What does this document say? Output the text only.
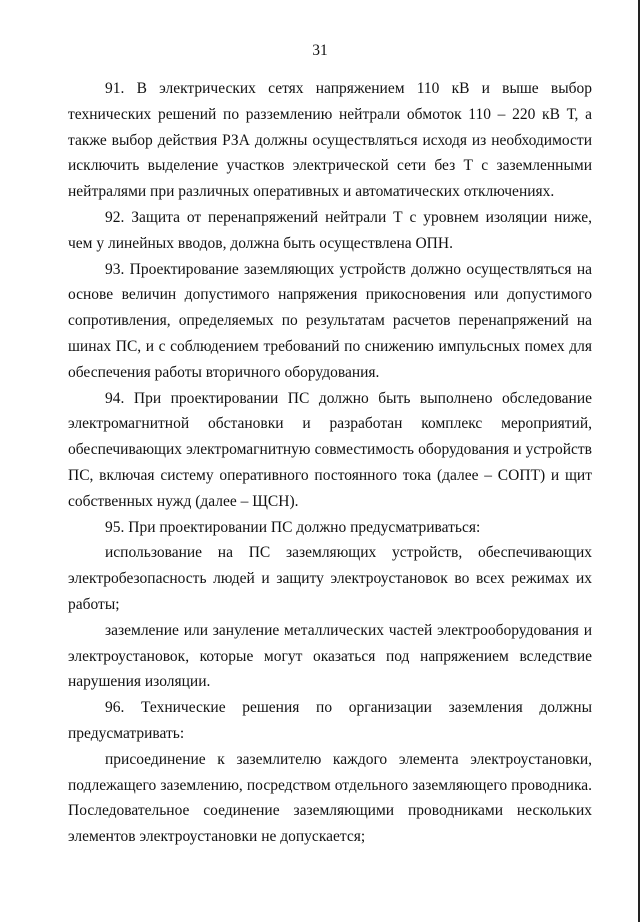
31

91. В электрических сетях напряжением 110 кВ и выше выбор технических решений по разземлению нейтрали обмоток 110 – 220 кВ Т, а также выбор действия РЗА должны осуществляться исходя из необходимости исключить выделение участков электрической сети без Т с заземленными нейтралями при различных оперативных и автоматических отключениях.

92. Защита от перенапряжений нейтрали Т с уровнем изоляции ниже, чем у линейных вводов, должна быть осуществлена ОПН.

93. Проектирование заземляющих устройств должно осуществляться на основе величин допустимого напряжения прикосновения или допустимого сопротивления, определяемых по результатам расчетов перенапряжений на шинах ПС, и с соблюдением требований по снижению импульсных помех для обеспечения работы вторичного оборудования.

94. При проектировании ПС должно быть выполнено обследование электромагнитной обстановки и разработан комплекс мероприятий, обеспечивающих электромагнитную совместимость оборудования и устройств ПС, включая систему оперативного постоянного тока (далее – СОПТ) и щит собственных нужд (далее – ЩСН).

95. При проектировании ПС должно предусматриваться:

использование на ПС заземляющих устройств, обеспечивающих электробезопасность людей и защиту электроустановок во всех режимах их работы;

заземление или зануление металлических частей электрооборудования и электроустановок, которые могут оказаться под напряжением вследствие нарушения изоляции.

96. Технические решения по организации заземления должны предусматривать:

присоединение к заземлителю каждого элемента электроустановки, подлежащего заземлению, посредством отдельного заземляющего проводника. Последовательное соединение заземляющими проводниками нескольких элементов электроустановки не допускается;
